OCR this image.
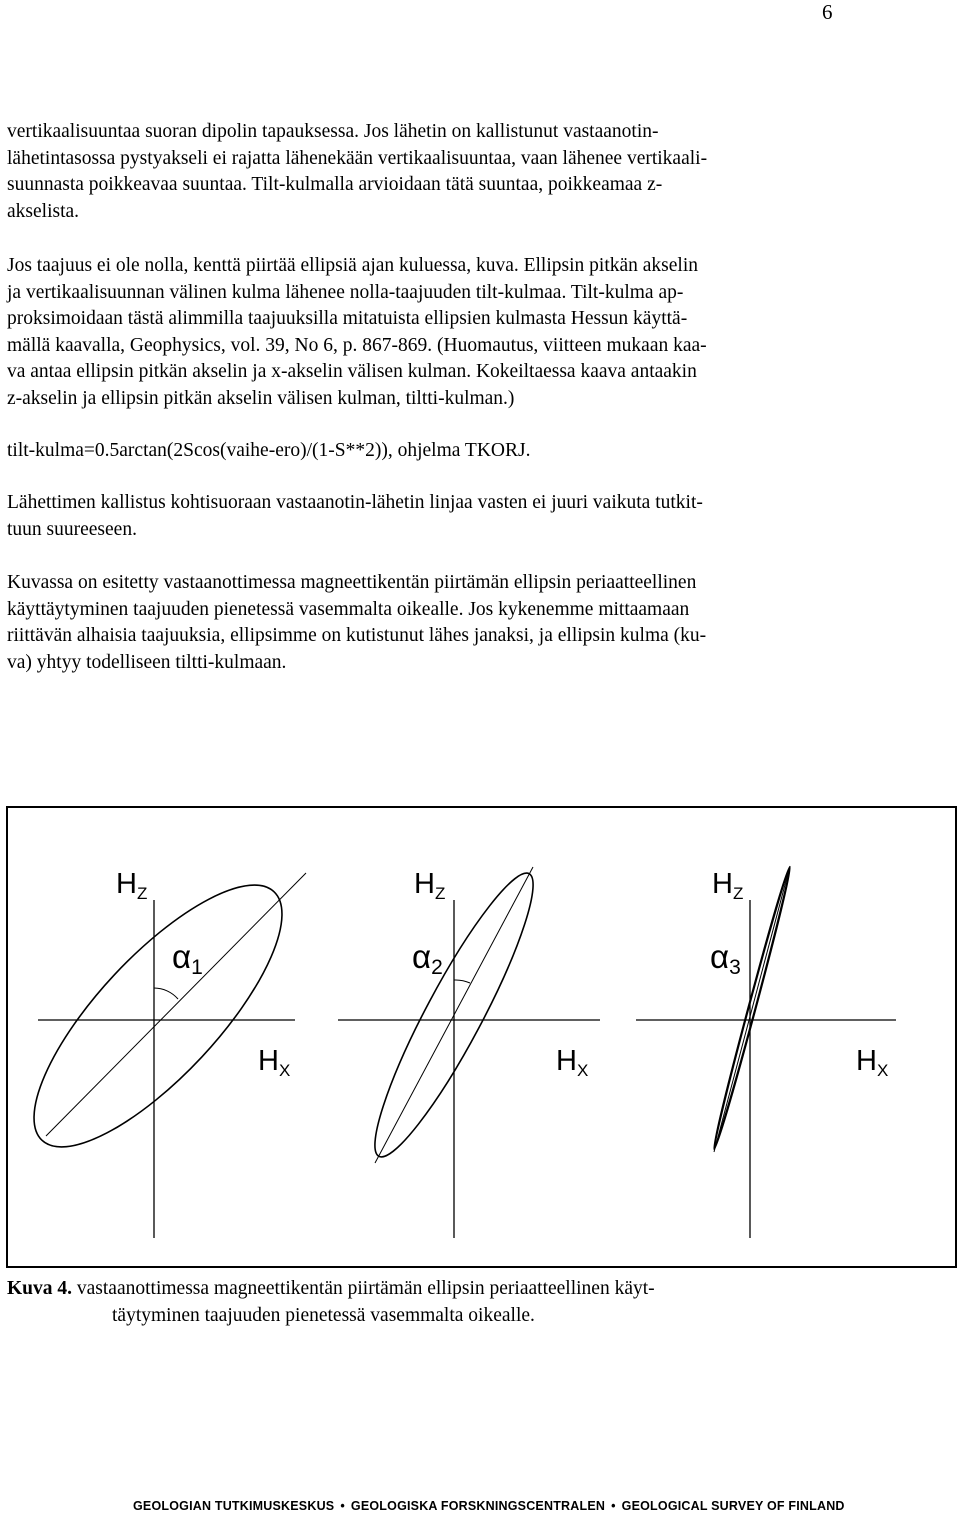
6
vertikaalisuuntaa suoran dipolin tapauksessa. Jos lähetin on kallistunut vastaanotin-
lähetintasossa pystyakseli ei rajatta lähenekään vertikaalisuuntaa, vaan lähenee vertikaali-
suunnasta poikkeavaa suuntaa. Tilt-kulmalla arvioidaan tätä suuntaa, poikkeamaa z-
akselista.
Jos taajuus ei ole nolla, kenttä piirtää ellipsiä ajan kuluessa, kuva. Ellipsin pitkän akselin
ja vertikaalisuunnan välinen kulma lähenee nolla-taajuuden tilt-kulmaa. Tilt-kulma ap-
proksimoidaan tästä alimmilla taajuuksilla mitatuista ellipsien kulmasta Hessun käyttä-
mällä kaavalla, Geophysics, vol. 39, No 6, p. 867-869. (Huomautus, viitteen mukaan kaa-
va antaa ellipsin pitkän akselin ja x-akselin välisen kulman. Kokeiltaessa kaava antaakin
z-akselin ja ellipsin pitkän akselin välisen kulman, tiltti-kulman.)
tilt-kulma=0.5arctan(2Scos(vaihe-ero)/(1-S**2)), ohjelma TKORJ.
Lähettimen kallistus kohtisuoraan vastaanotin-lähetin linjaa vasten ei juuri vaikuta tutkit-
tuun suureeseen.
Kuvassa on esitetty vastaanottimessa magneettikentän piirtämän ellipsin periaatteellinen
käyttäytyminen taajuuden pienetessä vasemmalta oikealle. Jos kykenemme mittaamaan
riittävän alhaisia taajuuksia, ellipsimme on kutistunut lähes janaksi, ja ellipsin kulma (ku-
va) yhtyy todelliseen tiltti-kulmaan.
$H_Z$
$H_X$
α1
$H_Z$
$H_X$
α2
$H_Z$
$H_X$
α3
Kuva 4. vastaanottimessa magneettikentän piirtämän ellipsin periaatteellinen käyt-
täytyminen taajuuden pienetessä vasemmalta oikealle.
GEOLOGIAN TUTKIMUSKESKUS • GEOLOGISKA FORSKNINGSCENTRALEN • GEOLOGICAL SURVEY OF FINLAND
